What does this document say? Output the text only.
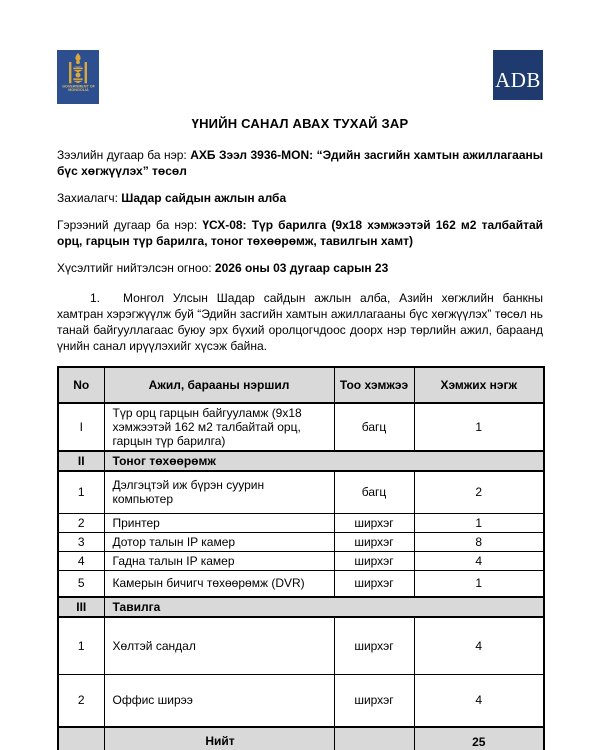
GOVERNMENT OF
MONGOLIA	ADB
ҮНИЙН САНАЛ АВАХ ТУХАЙ ЗАР

Зээлийн дугаар ба нэр: АХБ Зээл 3936-MON: “Эдийн засгийн хамтын ажиллагааны бүс хөгжүүлэх” төсөл

Захиалагч: Шадар сайдын ажлын алба

Гэрээний дугаар ба нэр: ҮСХ-08: Түр барилга (9х18 хэмжээтэй 162 м2 талбайтай орц, гарцын түр барилга, тоног төхөөрөмж, тавилгын хамт)

Хүсэлтийг нийтэлсэн огноо: 2026 оны 03 дугаар сарын 23

1. Монгол Улсын Шадар сайдын ажлын алба, Азийн хөгжлийн банкны хамтран хэрэгжүүлж буй “Эдийн засгийн хамтын ажиллагааны бүс хөгжүүлэх” төсөл нь танай байгууллагаас буюу эрх бүхий оролцогчдоос доорх нэр төрлийн ажил, бараанд үнийн санал ирүүлэхийг хүсэж байна.

No	Ажил, барааны нэршил	Тоо хэмжээ	Хэмжих нэгж
I	Түр орц гарцын байгууламж (9х18 хэмжээтэй 162 м2 талбайтай орц, гарцын түр барилга)	багц	1
II	Тоног төхөөрөмж		
1	Дэлгэцтэй иж бүрэн суурин компьютер	багц	2
2	Принтер	ширхэг	1
3	Дотор талын IP камер	ширхэг	8
4	Гадна талын IP камер	ширхэг	4
5	Камерын бичигч төхөөрөмж (DVR)	ширхэг	1
III	Тавилга		
1	Хөлтэй сандал	ширхэг	4
2	Оффис ширээ	ширхэг	4
	Нийт		25
